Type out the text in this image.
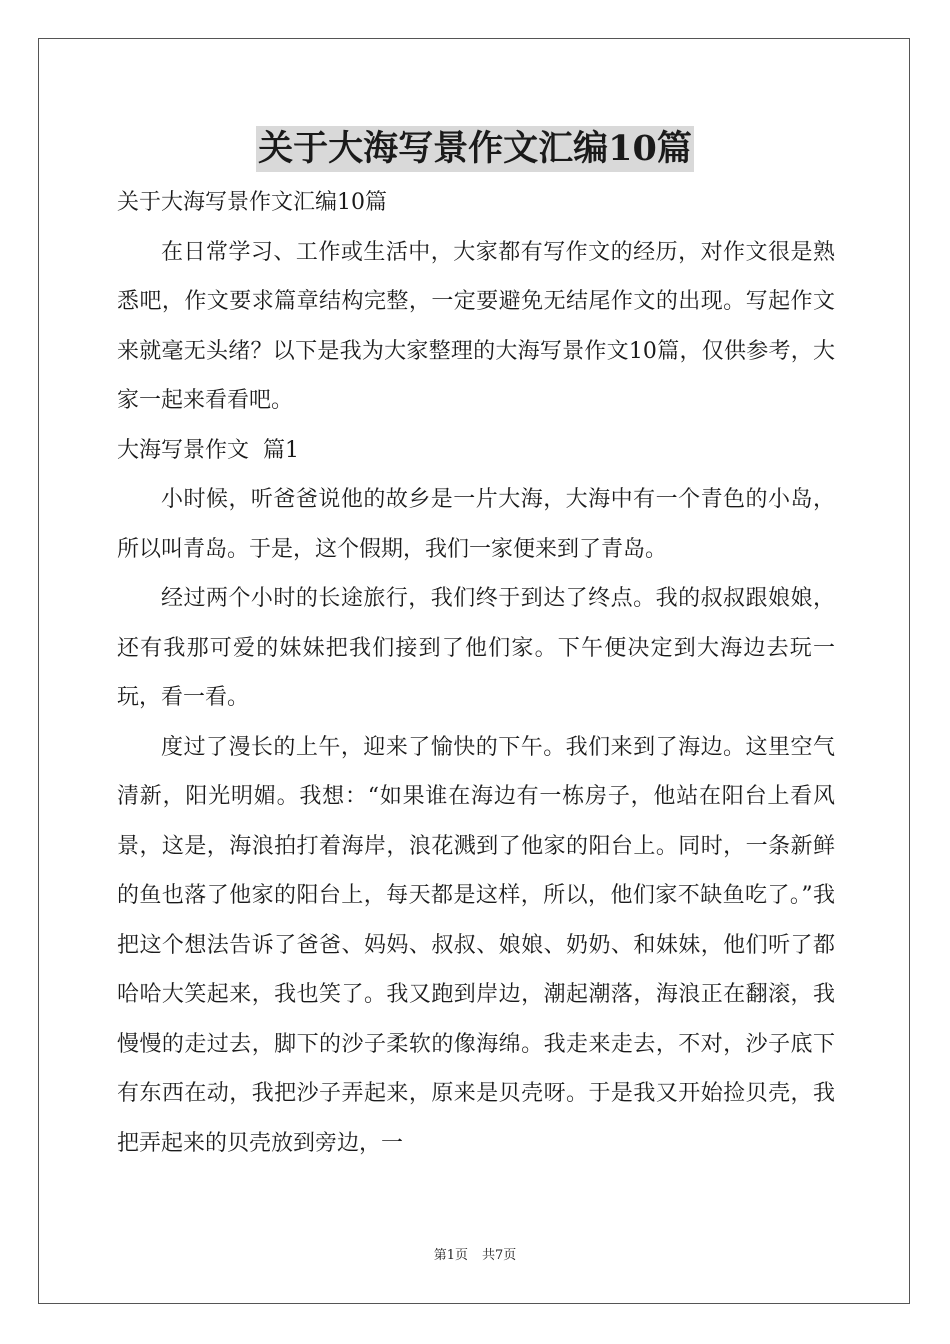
关于大海写景作文汇编10篇

关于大海写景作文汇编10篇

在日常学习、工作或生活中，大家都有写作文的经历，对作文很是熟悉吧，作文要求篇章结构完整，一定要避免无结尾作文的出现。写起作文来就毫无头绪？以下是我为大家整理的大海写景作文10篇，仅供参考，大家一起来看看吧。

大海写景作文  篇1

小时候，听爸爸说他的故乡是一片大海，大海中有一个青色的小岛，所以叫青岛。于是，这个假期，我们一家便来到了青岛。

经过两个小时的长途旅行，我们终于到达了终点。我的叔叔跟娘娘，还有我那可爱的妹妹把我们接到了他们家。下午便决定到大海边去玩一玩，看一看。

度过了漫长的上午，迎来了愉快的下午。我们来到了海边。这里空气清新，阳光明媚。我想：“如果谁在海边有一栋房子，他站在阳台上看风景，这是，海浪拍打着海岸，浪花溅到了他家的阳台上。同时，一条新鲜的鱼也落了他家的阳台上，每天都是这样，所以，他们家不缺鱼吃了。”我把这个想法告诉了爸爸、妈妈、叔叔、娘娘、奶奶、和妹妹，他们听了都哈哈大笑起来，我也笑了。我又跑到岸边，潮起潮落，海浪正在翻滚，我慢慢的走过去，脚下的沙子柔软的像海绵。我走来走去，不对，沙子底下有东西在动，我把沙子弄起来，原来是贝壳呀。于是我又开始捡贝壳，我把弄起来的贝壳放到旁边，一

第1页 共7页
